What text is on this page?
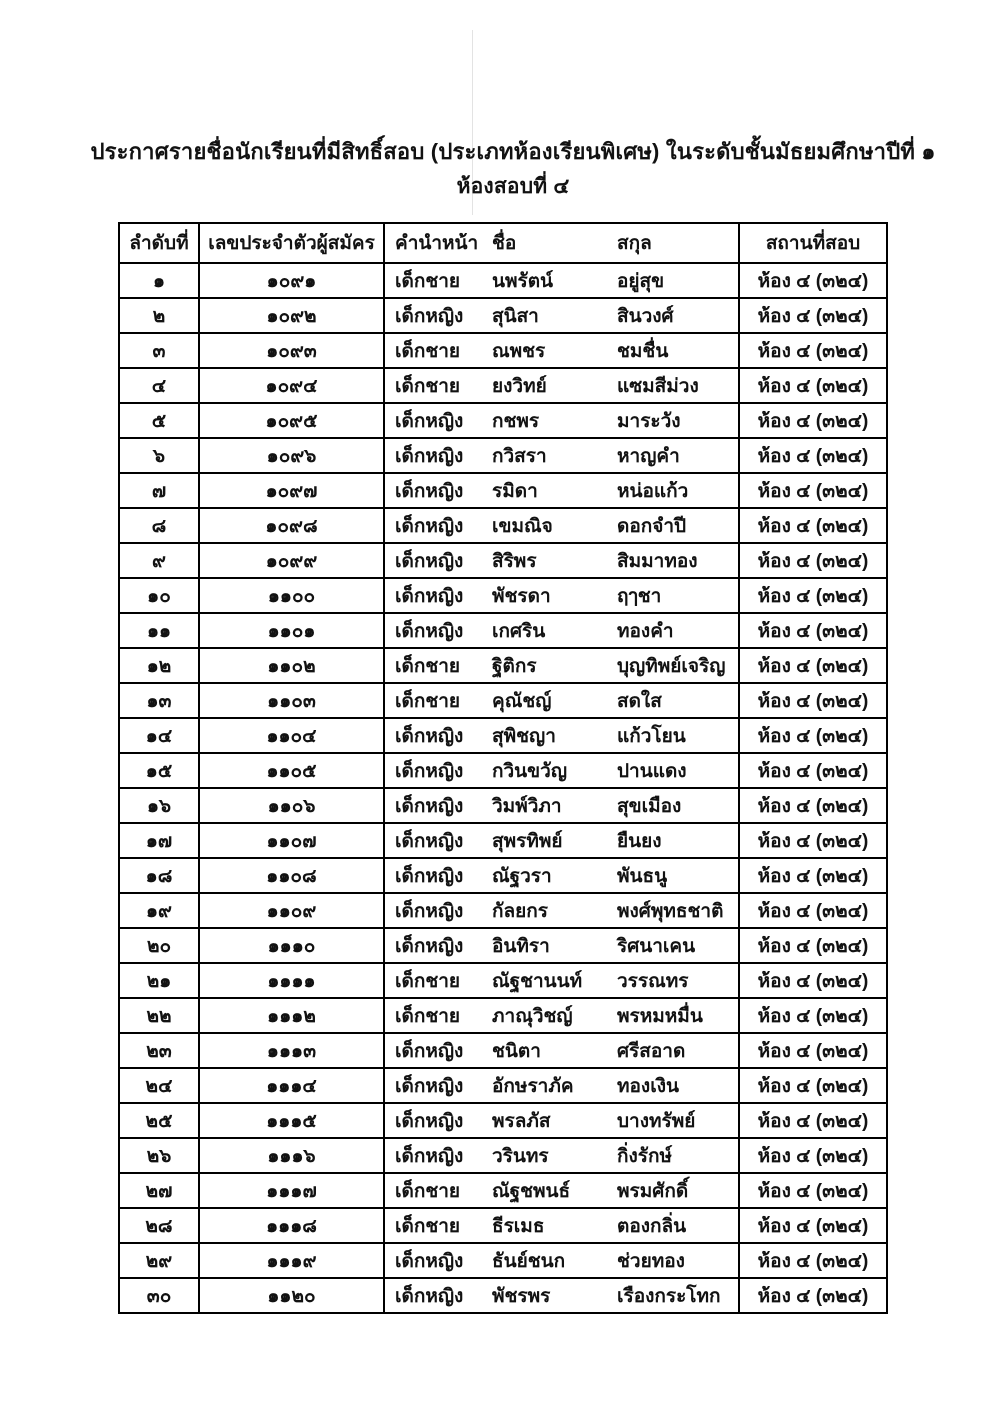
ประกาศรายชื่อนักเรียนที่มีสิทธิ์สอบ (ประเภทห้องเรียนพิเศษ) ในระดับชั้นมัธยมศึกษาปีที่ ๑
ห้องสอบที่ ๔
ลำดับที่	เลขประจำตัวผู้สมัคร	คำนำหน้า ชื่อ สกุล	สถานที่สอบ
๑	๑๐๙๑	เด็กชาย นพรัตน์ อยู่สุข	ห้อง ๔ (๓๒๔)
๒	๑๐๙๒	เด็กหญิง สุนิสา สินวงศ์	ห้อง ๔ (๓๒๔)
๓	๑๐๙๓	เด็กชาย ณพชร ชมชื่น	ห้อง ๔ (๓๒๔)
๔	๑๐๙๔	เด็กชาย ยงวิทย์ แซมสีม่วง	ห้อง ๔ (๓๒๔)
๕	๑๐๙๕	เด็กหญิง กชพร มาระวัง	ห้อง ๔ (๓๒๔)
๖	๑๐๙๖	เด็กหญิง กวิสรา หาญคำ	ห้อง ๔ (๓๒๔)
๗	๑๐๙๗	เด็กหญิง รมิดา หน่อแก้ว	ห้อง ๔ (๓๒๔)
๘	๑๐๙๘	เด็กหญิง เขมณิจ ดอกจำปี	ห้อง ๔ (๓๒๔)
๙	๑๐๙๙	เด็กหญิง สิริพร สิมมาทอง	ห้อง ๔ (๓๒๔)
๑๐	๑๑๐๐	เด็กหญิง พัชรดา ฤๅชา	ห้อง ๔ (๓๒๔)
๑๑	๑๑๐๑	เด็กหญิง เกศริน ทองคำ	ห้อง ๔ (๓๒๔)
๑๒	๑๑๐๒	เด็กชาย ฐิติกร บุญทิพย์เจริญ	ห้อง ๔ (๓๒๔)
๑๓	๑๑๐๓	เด็กชาย คุณัชญ์ สดใส	ห้อง ๔ (๓๒๔)
๑๔	๑๑๐๔	เด็กหญิง สุพิชญา แก้วโยน	ห้อง ๔ (๓๒๔)
๑๕	๑๑๐๕	เด็กหญิง กวินขวัญ ปานแดง	ห้อง ๔ (๓๒๔)
๑๖	๑๑๐๖	เด็กหญิง วิมพ์วิภา สุขเมือง	ห้อง ๔ (๓๒๔)
๑๗	๑๑๐๗	เด็กหญิง สุพรทิพย์ ยืนยง	ห้อง ๔ (๓๒๔)
๑๘	๑๑๐๘	เด็กหญิง ณัฐวรา พันธนู	ห้อง ๔ (๓๒๔)
๑๙	๑๑๐๙	เด็กหญิง กัลยกร พงศ์พุทธชาติ	ห้อง ๔ (๓๒๔)
๒๐	๑๑๑๐	เด็กหญิง อินทิรา ริศนาเคน	ห้อง ๔ (๓๒๔)
๒๑	๑๑๑๑	เด็กชาย ณัฐชานนท์ วรรณทร	ห้อง ๔ (๓๒๔)
๒๒	๑๑๑๒	เด็กชาย ภาณุวิชญ์ พรหมหมื่น	ห้อง ๔ (๓๒๔)
๒๓	๑๑๑๓	เด็กหญิง ชนิตา ศรีสอาด	ห้อง ๔ (๓๒๔)
๒๔	๑๑๑๔	เด็กหญิง อักษราภัค ทองเงิน	ห้อง ๔ (๓๒๔)
๒๕	๑๑๑๕	เด็กหญิง พรลภัส บางทรัพย์	ห้อง ๔ (๓๒๔)
๒๖	๑๑๑๖	เด็กหญิง วรินทร กิ่งรักษ์	ห้อง ๔ (๓๒๔)
๒๗	๑๑๑๗	เด็กชาย ณัฐชพนธ์ พรมศักดิ์	ห้อง ๔ (๓๒๔)
๒๘	๑๑๑๘	เด็กชาย ธีรเมธ ตองกลิ่น	ห้อง ๔ (๓๒๔)
๒๙	๑๑๑๙	เด็กหญิง ธันย์ชนก ช่วยทอง	ห้อง ๔ (๓๒๔)
๓๐	๑๑๒๐	เด็กหญิง พัชรพร เรืองกระโทก	ห้อง ๔ (๓๒๔)
